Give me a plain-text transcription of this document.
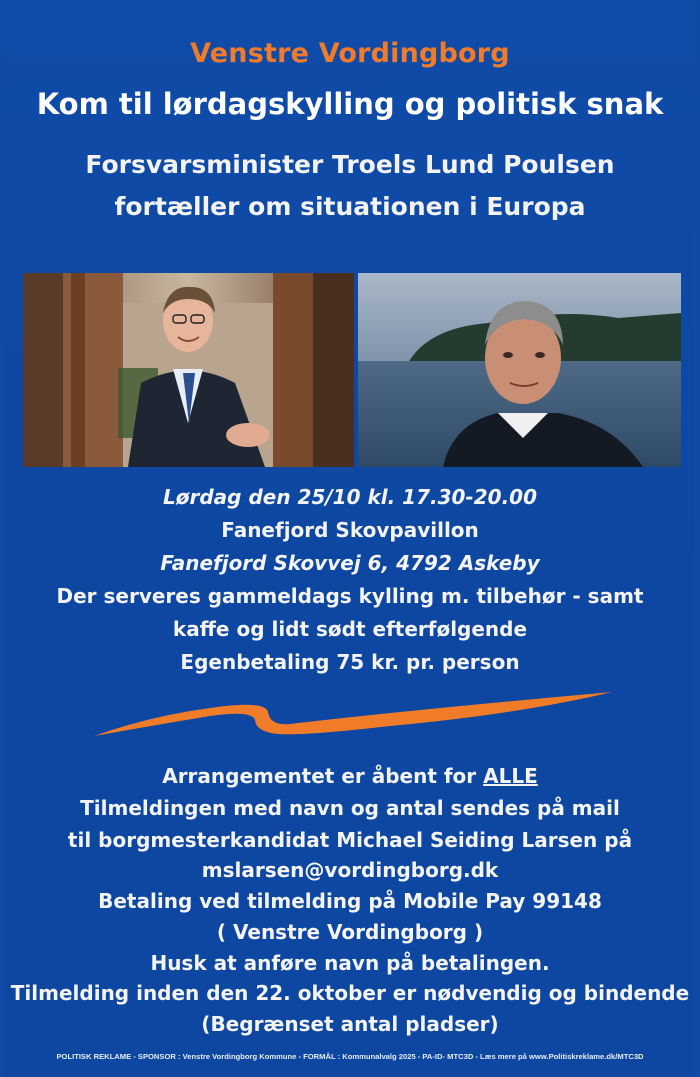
Venstre Vordingborg
Kom til lørdagskylling og politisk snak
Forsvarsminister Troels Lund Poulsen
fortæller om situationen i Europa
Lørdag den 25/10 kl. 17.30-20.00
Fanefjord Skovpavillon
Fanefjord Skovvej 6, 4792 Askeby
Der serveres gammeldags kylling m. tilbehør - samt
kaffe og lidt sødt efterfølgende
Egenbetaling 75 kr. pr. person
Arrangementet er åbent for ALLE
Tilmeldingen med navn og antal sendes på mail
til borgmesterkandidat Michael Seiding Larsen på
mslarsen@vordingborg.dk
Betaling ved tilmelding på Mobile Pay 99148
( Venstre Vordingborg )
Husk at anføre navn på betalingen.
Tilmelding inden den 22. oktober er nødvendig og bindende
(Begrænset antal pladser)
POLITISK REKLAME - SPONSOR : Venstre Vordingborg Kommune - FORMÅL : Kommunalvalg 2025 - PA-ID- MTC3D - Læs mere på www.Politiskreklame.dk/MTC3D
